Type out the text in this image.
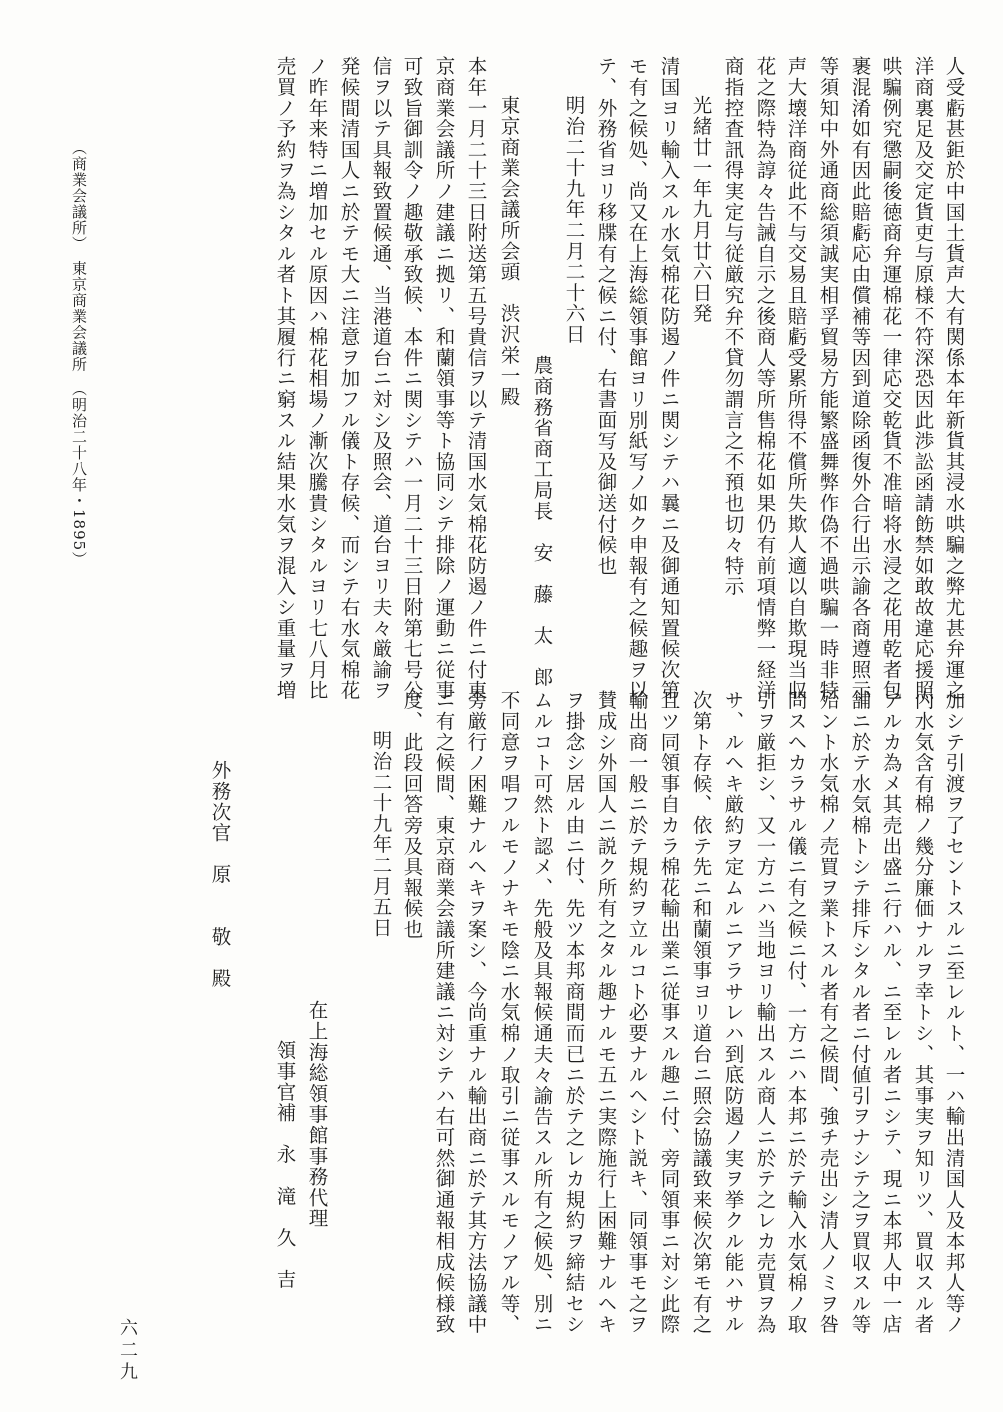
人受虧甚鉅於中国土貨声大有関係本年新貨其浸水哄騙之弊尤甚弁運之
洋商裏足及交定貨吏与原様不符深恐因此渉訟函請飭禁如敢故違応援照
哄騙例究懲嗣後徳商弁運棉花一律応交乾貨不准暗将水浸之花用乾者包
裹混淆如有因此賠虧応由償補等因到道除函復外合行出示諭各商遵照示
等須知中外通商総須誠実相孚貿易方能繁盛舞弊作偽不過哄騙一時非特
声大壊洋商従此不与交易且賠虧受累所得不償所失欺人適以自欺現当収
花之際特為諄々告誡自示之後商人等所售棉花如果仍有前項情弊一経洋
商指控査訊得実定与従厳究弁不貸勿謂言之不預也切々特示
光緒廿一年九月廿六日発
清国ヨリ輸入スル水気棉花防遏ノ件ニ関シテハ曩ニ及御通知置候次第
モ有之候処、尚又在上海総領事館ヨリ別紙写ノ如ク申報有之候趣ヲ以
テ、外務省ヨリ移牒有之候ニ付、右書面写及御送付候也
明治二十九年二月二十六日
農商務省商工局長　安　藤　太　郎
東京商業会議所会頭　渋沢栄一殿
本年一月二十三日附送第五号貴信ヲ以テ清国水気棉花防遏ノ件ニ付東
京商業会議所ノ建議ニ拠リ、和蘭領事等ト協同シテ排除ノ運動ニ従事
可致旨御訓令ノ趣敬承致候、本件ニ関シテハ一月二十三日附第七号公
信ヲ以テ具報致置候通、当港道台ニ対シ及照会、道台ヨリ夫々厳諭ヲ
発候間清国人ニ於テモ大ニ注意ヲ加フル儀ト存候、而シテ右水気棉花
ノ昨年来特ニ増加セル原因ハ棉花相場ノ漸次騰貴シタルヨリ七八月比
売買ノ予約ヲ為シタル者ト其履行ニ窮スル結果水気ヲ混入シ重量ヲ増
（商業会議所）　東京商業会議所　（明治二十八年・1895）
加シテ引渡ヲ了セントスルニ至レルト、一ハ輸出清国人及本邦人等ノ
内水気含有棉ノ幾分廉価ナルヲ幸トシ、其事実ヲ知リツ、買収スル者
アルカ為メ其売出盛ニ行ハル、ニ至レル者ニシテ、現ニ本邦人中一店
舗ニ於テ水気棉トシテ排斥シタル者ニ付値引ヲナシテ之ヲ買収スル等
殆ント水気棉ノ売買ヲ業トスル者有之候間、強チ売出シ清人ノミヲ咎
問スヘカラサル儀ニ有之候ニ付、一方ニハ本邦ニ於テ輸入水気棉ノ取
引ヲ厳拒シ、又一方ニハ当地ヨリ輸出スル商人ニ於テ之レカ売買ヲ為
サ、ルヘキ厳約ヲ定ムルニアラサレハ到底防遏ノ実ヲ挙クル能ハサル
次第ト存候、依テ先ニ和蘭領事ヨリ道台ニ照会協議致来候次第モ有之
且ツ同領事自カラ棉花輸出業ニ従事スル趣ニ付、旁同領事ニ対シ此際
輸出商一般ニ於テ規約ヲ立ルコト必要ナルヘシト説キ、同領事モ之ヲ
賛成シ外国人ニ説ク所有之タル趣ナルモ五ニ実際施行上困難ナルヘキ
ヲ掛念シ居ル由ニ付、先ツ本邦商間而已ニ於テ之レカ規約ヲ締結セシ
ムルコト可然ト認メ、先般及具報候通夫々諭告スル所有之候処、別ニ
不同意ヲ唱フルモノナキモ陰ニ水気棉ノ取引ニ従事スルモノアル等、
旁厳行ノ困難ナルヘキヲ案シ、今尚重ナル輸出商ニ於テ其方法協議中
ニ有之候間、東京商業会議所建議ニ対シテハ右可然御通報相成候様致
度、此段回答旁及具報候也
明治二十九年二月五日
在上海総領事館事務代理
領事官補　永　滝　久　吉
外務次官　原　　敬　殿
六二九
